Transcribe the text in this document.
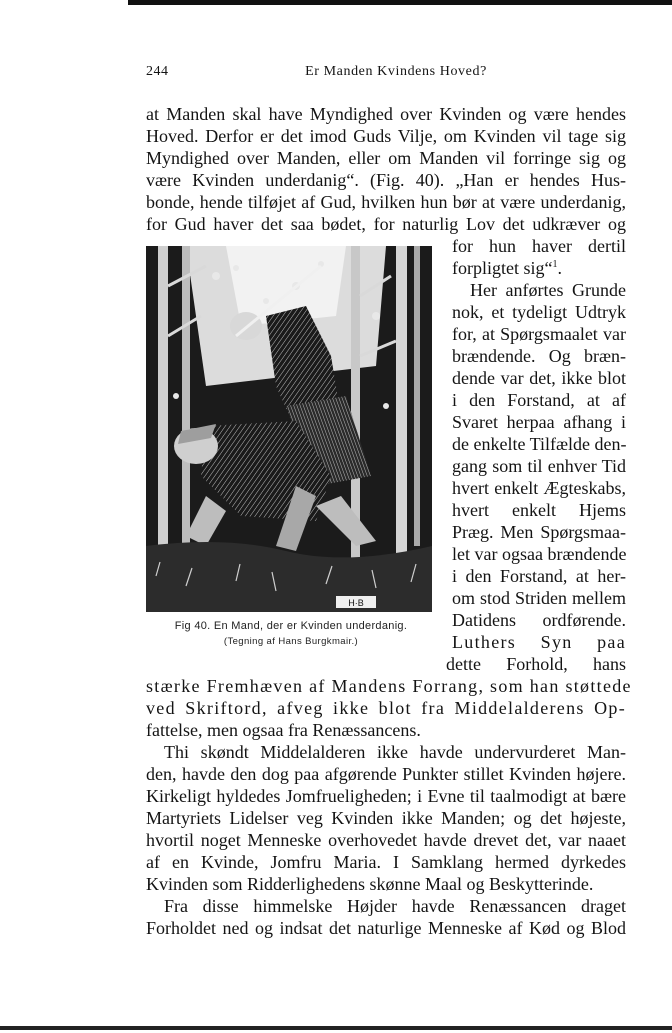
244	Er Manden Kvindens Hoved?
at Manden skal have Myndighed over Kvinden og være hendes
Hoved. Derfor er det imod Guds Vilje, om Kvinden vil tage sig
Myndighed over Manden, eller om Manden vil forringe sig og
være Kvinden underdanig“. (Fig. 40). „Han er hendes Hus-
bonde, hende tilføjet af Gud, hvilken hun bør at være underdanig,
for Gud haver det saa bødet, for naturlig Lov det udkræver og
H·B
Fig 40. En Mand, der er Kvinden underdanig.
(Tegning af Hans Burgkmair.)
for hun haver dertil
forpligtet sig“$^1$.
Her anførtes Grunde
nok, et tydeligt Udtryk
for, at Spørgsmaalet var
brændende. Og bræn-
dende var det, ikke blot
i den Forstand, at af
Svaret herpaa afhang i
de enkelte Tilfælde den-
gang som til enhver Tid
hvert enkelt Ægteskabs,
hvert enkelt Hjems
Præg. Men Spørgsmaa-
let var ogsaa brændende
i den Forstand, at her-
om stod Striden mellem
Datidens ordførende.
Luthers Syn paa
dette Forhold, hans
stærke Fremhæven af Mandens Forrang, som han støttede
ved Skriftord, afveg ikke blot fra Middelalderens Op-
fattelse, men ogsaa fra Renæssancens.
Thi skøndt Middelalderen ikke havde undervurderet Man-
den, havde den dog paa afgørende Punkter stillet Kvinden højere.
Kirkeligt hyldedes Jomfrueligheden; i Evne til taalmodigt at bære
Martyriets Lidelser veg Kvinden ikke Manden; og det højeste,
hvortil noget Menneske overhovedet havde drevet det, var naaet
af en Kvinde, Jomfru Maria. I Samklang hermed dyrkedes
Kvinden som Ridderlighedens skønne Maal og Beskytterinde.
Fra disse himmelske Højder havde Renæssancen draget
Forholdet ned og indsat det naturlige Menneske af Kød og Blod
